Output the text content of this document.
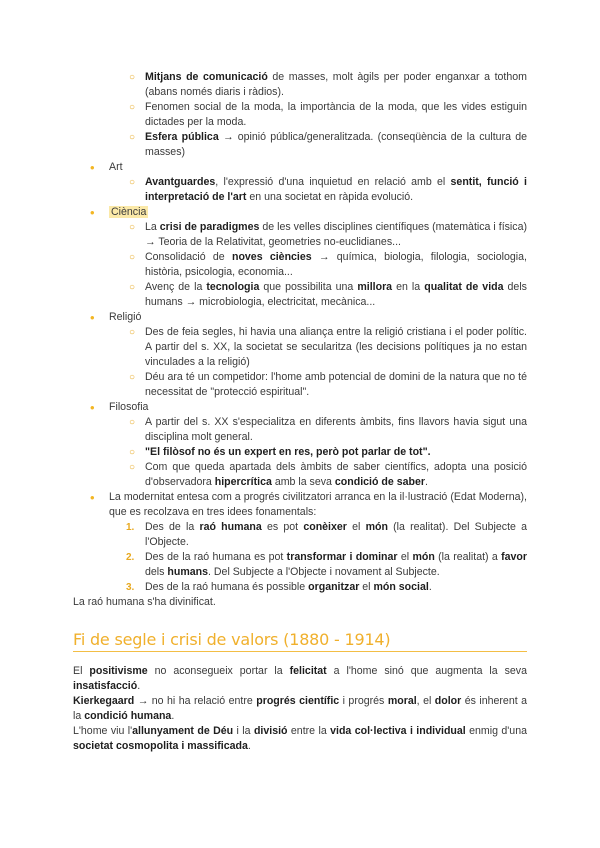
○ Mitjans de comunicació de masses, molt àgils per poder enganxar a tothom (abans només diaris i ràdios).
○ Fenomen social de la moda, la importància de la moda, que les vides estiguin dictades per la moda.
○ Esfera pública → opinió pública/generalitzada. (conseqüència de la cultura de masses)
• Art
○ Avantguardes, l'expressió d'una inquietud en relació amb el sentit, funció i interpretació de l'art en una societat en ràpida evolució.
• Ciència
○ La crisi de paradigmes de les velles disciplines científiques (matemàtica i física) → Teoria de la Relativitat, geometries no-euclidianes...
○ Consolidació de noves ciències → química, biologia, filologia, sociologia, història, psicologia, economia...
○ Avenç de la tecnologia que possibilita una millora en la qualitat de vida dels humans → microbiologia, electricitat, mecànica...
• Religió
○ Des de feia segles, hi havia una aliança entre la religió cristiana i el poder polític. A partir del s. XX, la societat se secularitza (les decisions polítiques ja no estan vinculades a la religió)
○ Déu ara té un competidor: l'home amb potencial de domini de la natura que no té necessitat de "protecció espiritual".
• Filosofia
○ A partir del s. XX s'especialitza en diferents àmbits, fins llavors havia sigut una disciplina molt general.
○ "El filòsof no és un expert en res, però pot parlar de tot".
○ Com que queda apartada dels àmbits de saber científics, adopta una posició d'observadora hipercrítica amb la seva condició de saber.
• La modernitat entesa com a progrés civilitzatori arranca en la il·lustració (Edat Moderna), que es recolzava en tres idees fonamentals:
1. Des de la raó humana es pot conèixer el món (la realitat). Del Subjecte a l'Objecte.
2. Des de la raó humana es pot transformar i dominar el món (la realitat) a favor dels humans. Del Subjecte a l'Objecte i novament al Subjecte.
3. Des de la raó humana és possible organitzar el món social.
La raó humana s'ha divinificat.
Fi de segle i crisi de valors (1880 - 1914)
El positivisme no aconsegueix portar la felicitat a l'home sinó que augmenta la seva insatisfacció.
Kierkegaard → no hi ha relació entre progrés científic i progrés moral, el dolor és inherent a la condició humana.
L'home viu l'allunyament de Déu i la divisió entre la vida col·lectiva i individual enmig d'una societat cosmopolita i massificada.
